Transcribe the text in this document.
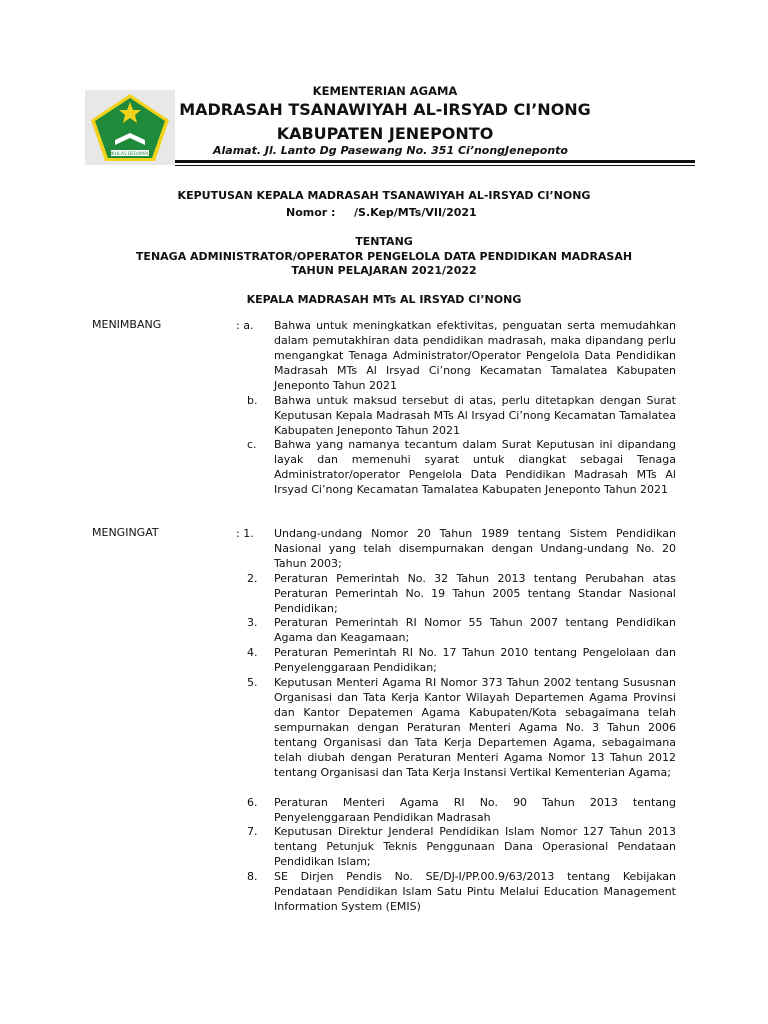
IKHLAS BERAMAL
KEMENTERIAN AGAMA
MADRASAH TSANAWIYAH AL-IRSYAD CI’NONG
KABUPATEN JENEPONTO
Alamat. Jl. Lanto Dg Pasewang No. 351 Ci’nongJeneponto
KEPUTUSAN KEPALA MADRASAH TSANAWIYAH AL-IRSYAD CI’NONG
Nomor : /S.Kep/MTs/VII/2021
TENTANG
TENAGA ADMINISTRATOR/OPERATOR PENGELOLA DATA PENDIDIKAN MADRASAH
TAHUN PELAJARAN 2021/2022
KEPALA MADRASAH MTs AL IRSYAD CI’NONG
MENIMBANG	: a. Bahwa untuk meningkatkan efektivitas, penguatan serta memudahkan dalam pemutakhiran data pendidikan madrasah, maka dipandang perlu mengangkat Tenaga Administrator/Operator Pengelola Data Pendidikan Madrasah MTs Al Irsyad Ci’nong Kecamatan Tamalatea Kabupaten Jeneponto Tahun 2021
b. Bahwa untuk maksud tersebut di atas, perlu ditetapkan dengan Surat Keputusan Kepala Madrasah MTs Al Irsyad Ci’nong Kecamatan Tamalatea Kabupaten Jeneponto Tahun 2021
c. Bahwa yang namanya tecantum dalam Surat Keputusan ini dipandang layak dan memenuhi syarat untuk diangkat sebagai Tenaga Administrator/operator Pengelola Data Pendidikan Madrasah MTs Al Irsyad Ci’nong Kecamatan Tamalatea Kabupaten Jeneponto Tahun 2021
MENGINGAT	: 1. Undang-undang Nomor 20 Tahun 1989 tentang Sistem Pendidikan Nasional yang telah disempurnakan dengan Undang-undang No. 20 Tahun 2003;
2. Peraturan Pemerintah No. 32 Tahun 2013 tentang Perubahan atas Peraturan Pemerintah No. 19 Tahun 2005 tentang Standar Nasional Pendidikan;
3. Peraturan Pemerintah RI Nomor 55 Tahun 2007 tentang Pendidikan Agama dan Keagamaan;
4. Peraturan Pemerintah RI No. 17 Tahun 2010 tentang Pengelolaan dan Penyelenggaraan Pendidikan;
5. Keputusan Menteri Agama RI Nomor 373 Tahun 2002 tentang Sususnan Organisasi dan Tata Kerja Kantor Wilayah Departemen Agama Provinsi dan Kantor Depatemen Agama Kabupaten/Kota sebagaimana telah sempurnakan dengan Peraturan Menteri Agama No. 3 Tahun 2006 tentang Organisasi dan Tata Kerja Departemen Agama, sebagaimana telah diubah dengan Peraturan Menteri Agama Nomor 13 Tahun 2012 tentang Organisasi dan Tata Kerja Instansi Vertikal Kementerian Agama;
6. Peraturan Menteri Agama RI No. 90 Tahun 2013 tentang Penyelenggaraan Pendidikan Madrasah
7. Keputusan Direktur Jenderal Pendidikan Islam Nomor 127 Tahun 2013 tentang Petunjuk Teknis Penggunaan Dana Operasional Pendataan Pendidikan Islam;
8. SE Dirjen Pendis No. SE/DJ-I/PP.00.9/63/2013 tentang Kebijakan Pendataan Pendidikan Islam Satu Pintu Melalui Education Management Information System (EMIS)
